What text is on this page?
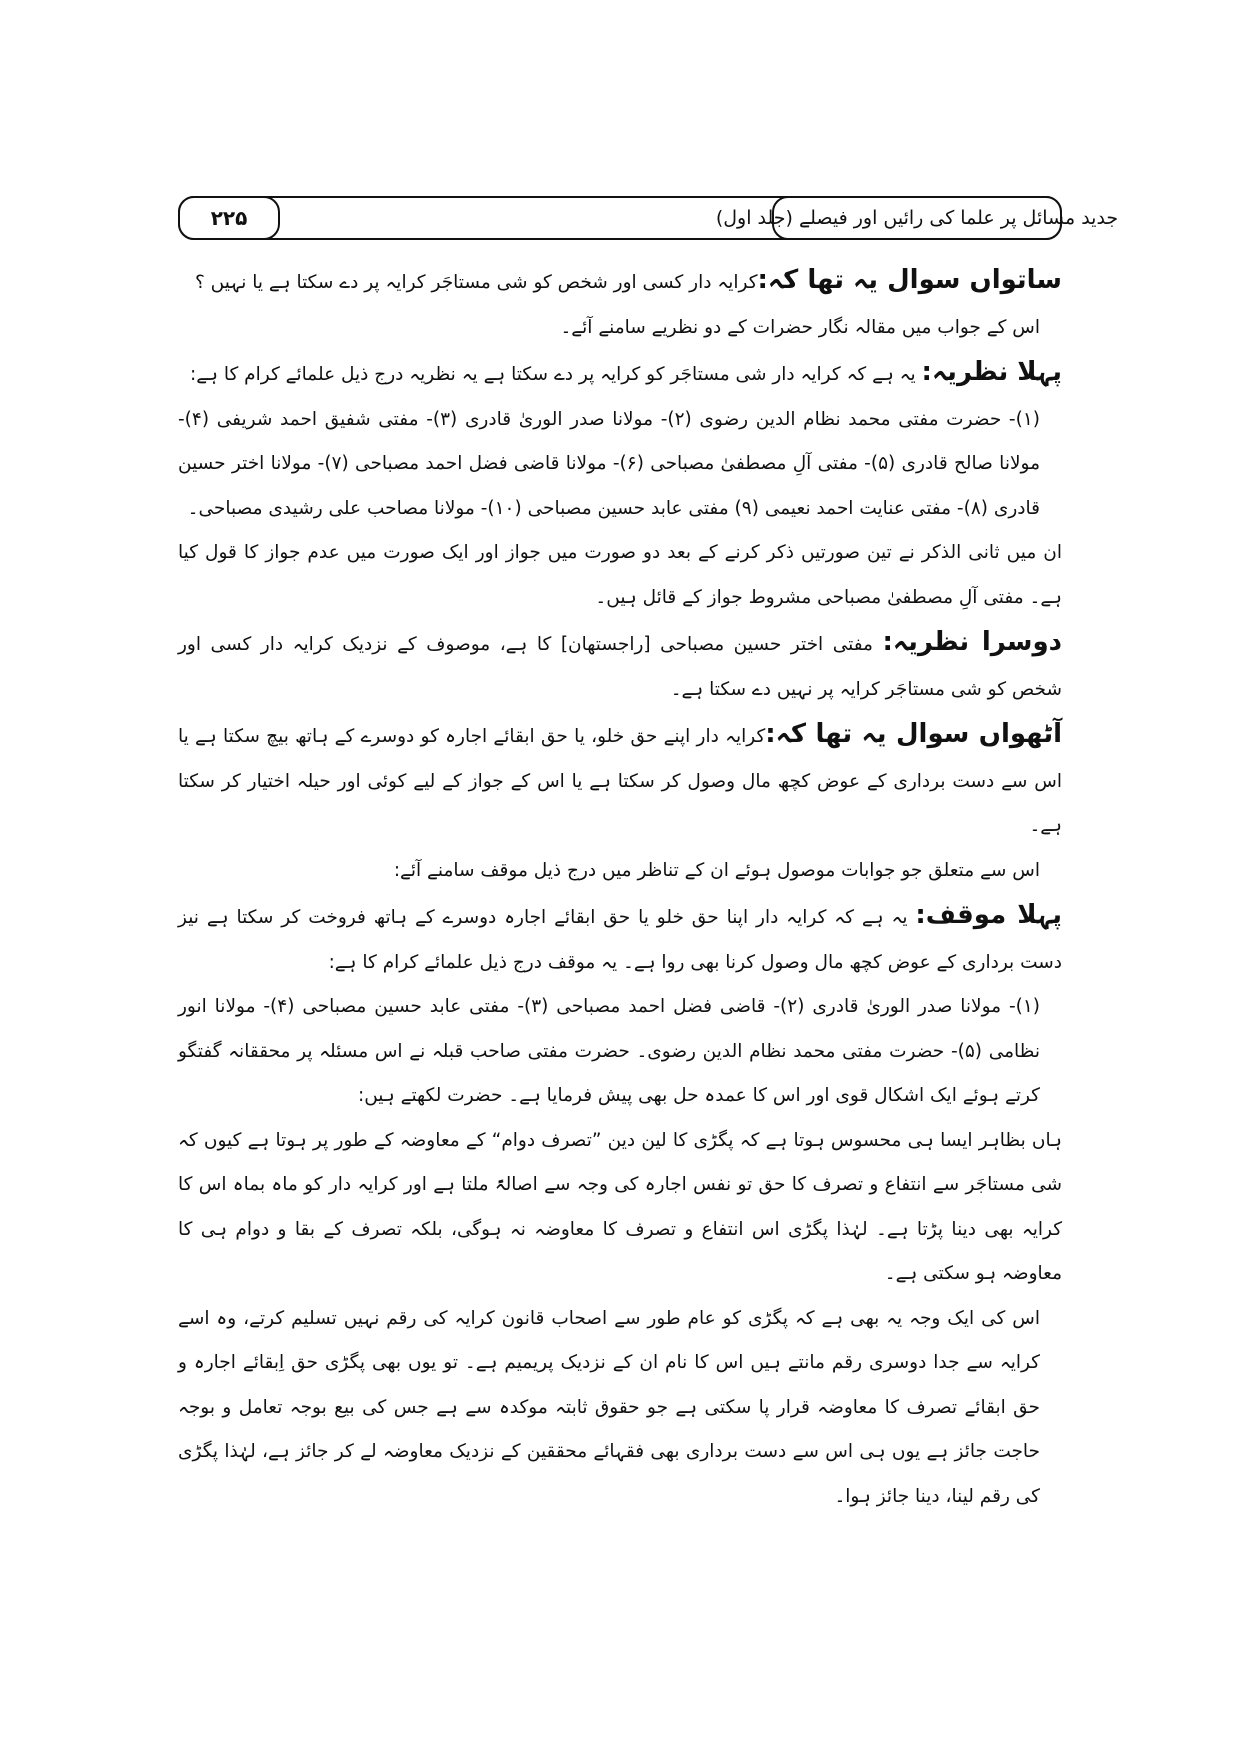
۲۲۵	جدید مسائل پر علما کی رائیں اور فیصلے (جلد اول)

ساتواں سوال یہ تھا کہ:کرایہ دار کسی اور شخص کو شی مستاجَر کرایہ پر دے سکتا ہے یا نہیں ؟

اس کے جواب میں مقالہ نگار حضرات کے دو نظریے سامنے آئے۔

پہلا نظریہ: یہ ہے کہ کرایہ دار شی مستاجَر کو کرایہ پر دے سکتا ہے یہ نظریہ درج ذیل علمائے کرام کا ہے:

(۱)- حضرت مفتی محمد نظام الدین رضوی (۲)- مولانا صدر الوریٰ قادری (۳)- مفتی شفیق احمد شریفی (۴)- مولانا صالح قادری (۵)- مفتی آلِ مصطفیٰ مصباحی (۶)- مولانا قاضی فضل احمد مصباحی (۷)- مولانا اختر حسین قادری (۸)- مفتی عنایت احمد نعیمی (۹) مفتی عابد حسین مصباحی (۱۰)- مولانا مصاحب علی رشیدی مصباحی۔

ان میں ثانی الذکر نے تین صورتیں ذکر کرنے کے بعد دو صورت میں جواز اور ایک صورت میں عدم جواز کا قول کیا ہے۔ مفتی آلِ مصطفیٰ مصباحی مشروط جواز کے قائل ہیں۔

دوسرا نظریہ: مفتی اختر حسین مصباحی [راجستھان] کا ہے، موصوف کے نزدیک کرایہ دار کسی اور شخص کو شی مستاجَر کرایہ پر نہیں دے سکتا ہے۔

آٹھواں سوال یہ تھا کہ:کرایہ دار اپنے حق خلو، یا حق ابقائے اجارہ کو دوسرے کے ہاتھ بیچ سکتا ہے یا اس سے دست برداری کے عوض کچھ مال وصول کر سکتا ہے یا اس کے جواز کے لیے کوئی اور حیلہ اختیار کر سکتا ہے۔

اس سے متعلق جو جوابات موصول ہوئے ان کے تناظر میں درج ذیل موقف سامنے آئے:

پہلا موقف: یہ ہے کہ کرایہ دار اپنا حق خلو یا حق ابقائے اجارہ دوسرے کے ہاتھ فروخت کر سکتا ہے نیز دست برداری کے عوض کچھ مال وصول کرنا بھی روا ہے۔ یہ موقف درج ذیل علمائے کرام کا ہے:

(۱)- مولانا صدر الوریٰ قادری (۲)- قاضی فضل احمد مصباحی (۳)- مفتی عابد حسین مصباحی (۴)- مولانا انور نظامی (۵)- حضرت مفتی محمد نظام الدین رضوی۔ حضرت مفتی صاحب قبلہ نے اس مسئلہ پر محققانہ گفتگو کرتے ہوئے ایک اشکال قوی اور اس کا عمدہ حل بھی پیش فرمایا ہے۔ حضرت لکھتے ہیں:

ہاں بظاہر ایسا ہی محسوس ہوتا ہے کہ پگڑی کا لین دین ”تصرف دوام“ کے معاوضہ کے طور پر ہوتا ہے کیوں کہ شی مستاجَر سے انتفاع و تصرف کا حق تو نفس اجارہ کی وجہ سے اصالۃً ملتا ہے اور کرایہ دار کو ماہ بماہ اس کا کرایہ بھی دینا پڑتا ہے۔ لہٰذا پگڑی اس انتفاع و تصرف کا معاوضہ نہ ہوگی، بلکہ تصرف کے بقا و دوام ہی کا معاوضہ ہو سکتی ہے۔

اس کی ایک وجہ یہ بھی ہے کہ پگڑی کو عام طور سے اصحاب قانون کرایہ کی رقم نہیں تسلیم کرتے، وہ اسے کرایہ سے جدا دوسری رقم مانتے ہیں اس کا نام ان کے نزدیک پریمیم ہے۔ تو یوں بھی پگڑی حق اِبقائے اجارہ و حق ابقائے تصرف کا معاوضہ قرار پا سکتی ہے جو حقوق ثابتہ موکدہ سے ہے جس کی بیع بوجہ تعامل و بوجہ حاجت جائز ہے یوں ہی اس سے دست برداری بھی فقہائے محققین کے نزدیک معاوضہ لے کر جائز ہے، لہٰذا پگڑی کی رقم لینا، دینا جائز ہوا۔
